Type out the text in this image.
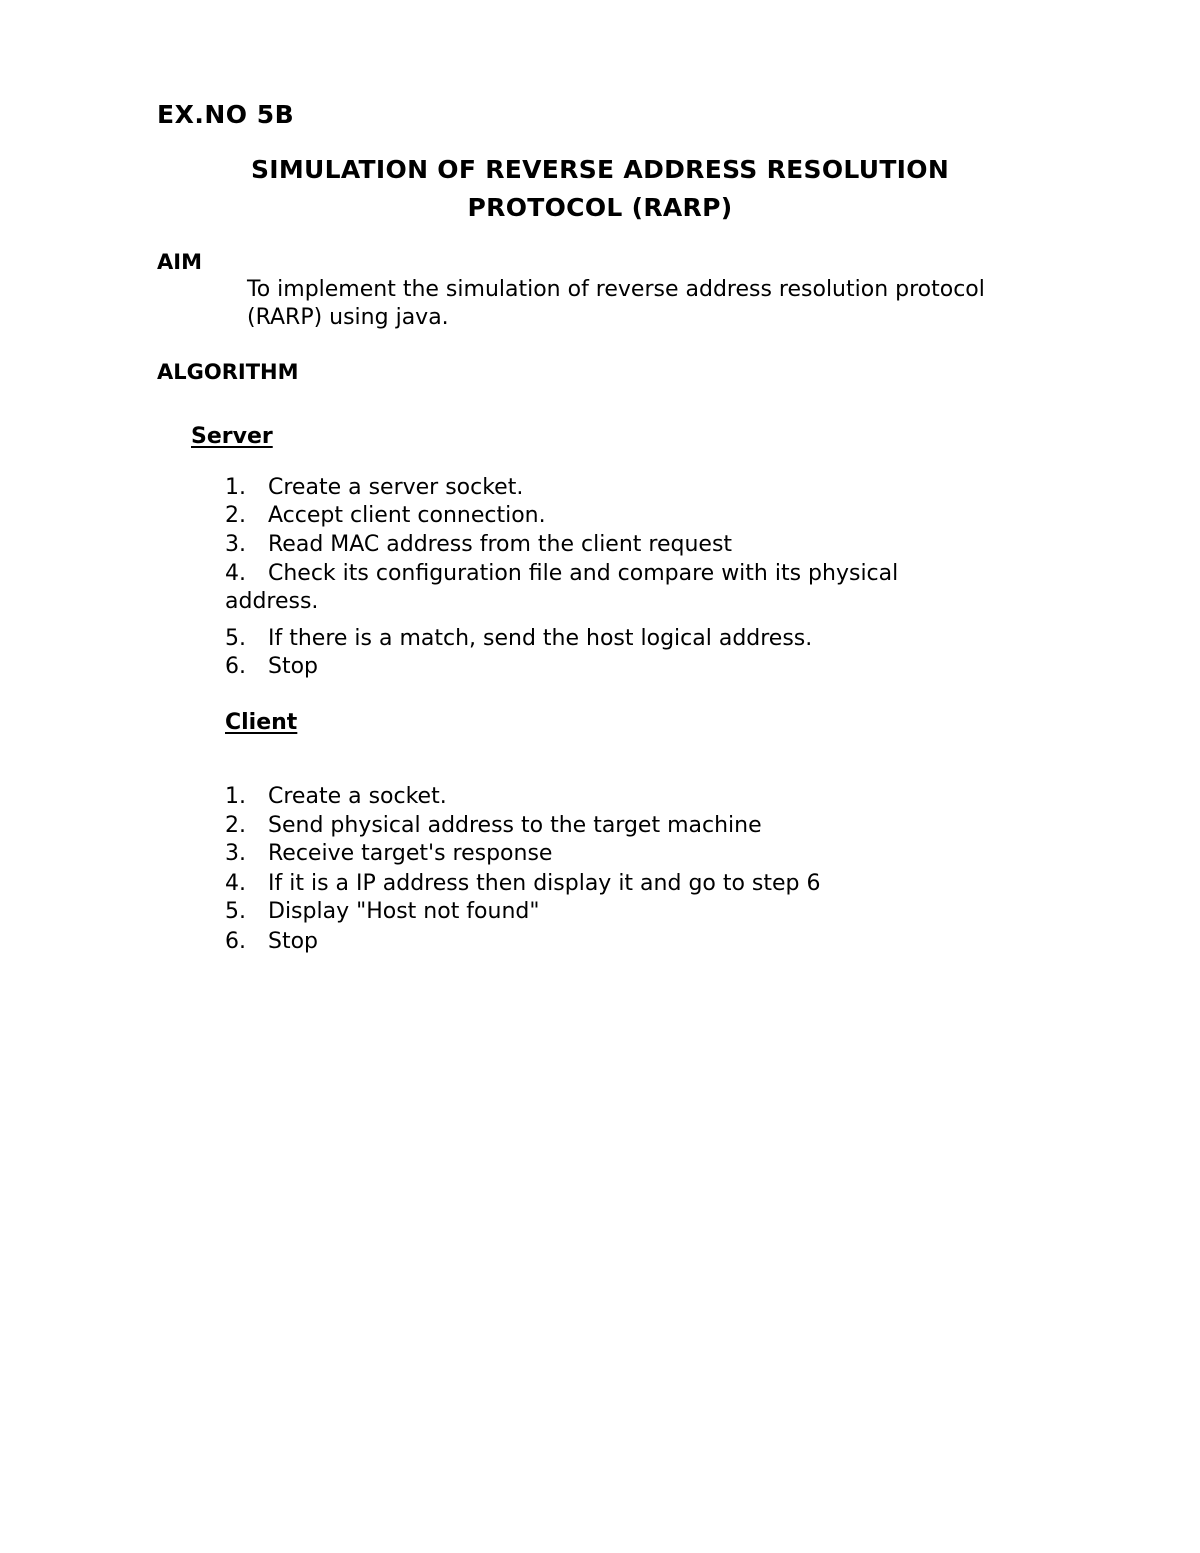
EX.NO 5B
SIMULATION OF REVERSE ADDRESS RESOLUTION
PROTOCOL (RARP)
AIM
To implement the simulation of reverse address resolution protocol
(RARP) using java.
ALGORITHM
Server
1. Create a server socket.
2. Accept client connection.
3. Read MAC address from the client request
4. Check its configuration file and compare with its physical
address.
5. If there is a match, send the host logical address.
6. Stop
Client
1. Create a socket.
2. Send physical address to the target machine
3. Receive target's response
4. If it is a IP address then display it and go to step 6
5. Display "Host not found"
6. Stop
